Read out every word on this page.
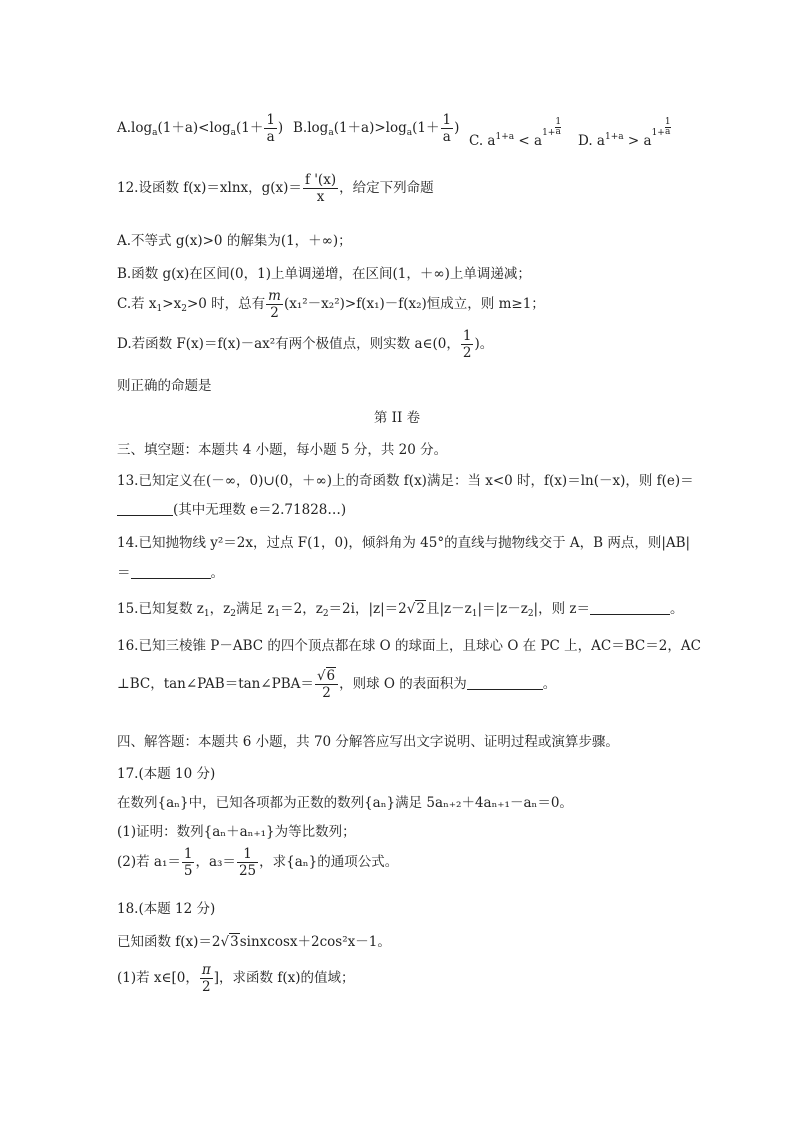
$A.\log_a(1+a)<\log_a(1+ \frac{1}{a}$ ) $B.\log_a(1+a)>\log_a(1+ \frac{1}{a}$ )
C. $a^{1+a} < a^{1+} \frac{1}{a}$
D. $a^{1+a} > a^{1+} \frac{1}{a}$
12.设函数 f(x)＝xlnx，$g(x)= \frac{f '(x)}{x}$ ，给定下列命题
A.不等式 g(x)>0 的解集为(1，＋∞)；
B.函数 g(x)在区间(0，1)上单调递增，在区间(1，＋∞)上单调递减；
C.若 $x_1>x_2>0$ 时，总有 $\frac{m}{2} (x_1^2-x_2^2)>f(x_1)-f(x_2)$恒成立，则 m≥1；
D.若函数 F(x)＝f(x)－ax²有两个极值点，则实数 a∈(0， $\frac{1}{2}$ )。
则正确的命题是
第 II 卷
三、填空题：本题共 4 小题，每小题 5 分，共 20 分。
13.已知定义在(－∞，0)∪(0，＋∞)上的奇函数 f(x)满足：当 x<0 时，f(x)＝ln(－x)，则 f(e)＝
(其中无理数 e＝2.71828…)
14.已知抛物线 y²＝2x，过点 F(1，0)，倾斜角为 45°的直线与抛物线交于 A，B 两点，则|AB|
＝	。
15.已知复数 $z_1$，$z_2$满足 $z_1=2$，$z_2=2i$，|z|＝2√2且$|z-z_1|=|z-z_2|$，则 z＝	。
16.已知三棱锥 P－ABC 的四个顶点都在球 O 的球面上，且球心 O 在 PC 上，AC＝BC＝2，AC
⊥BC，tan∠PAB＝tan∠PBA＝ $\frac{√6}{2}$ ，则球 O 的表面积为	。
四、解答题：本题共 6 小题，共 70 分解答应写出文字说明、证明过程或演算步骤。
17.(本题 10 分)
在数列{aₙ}中，已知各项都为正数的数列{aₙ}满足 5aₙ₊₂＋4aₙ₊₁－aₙ＝0。
(1)证明：数列{aₙ＋aₙ₊₁}为等比数列；
(2)若 $a_1= \frac{1}{5}$ ，$a_3= \frac{1}{25}$ ，求{aₙ}的通项公式。
18.(本题 12 分)
已知函数 f(x)＝2√3sinxcosx＋2cos²x－1。
(1)若 x∈[0， $\frac{\pi}{2}$ ]，求函数 f(x)的值域；
